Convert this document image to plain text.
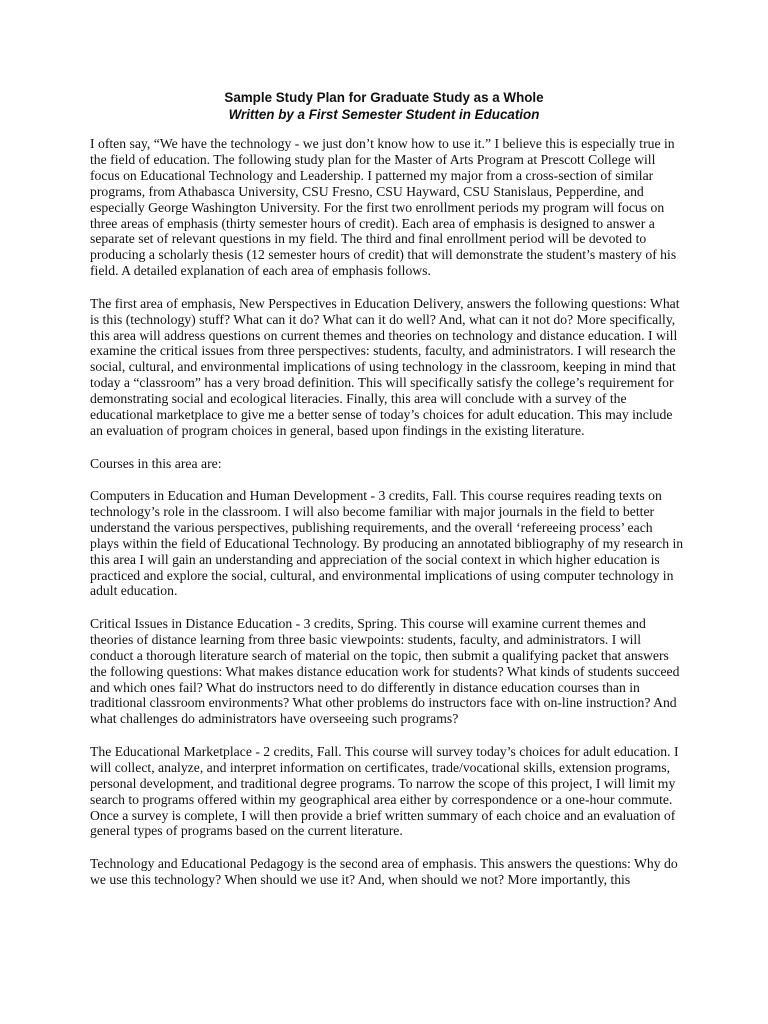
Sample Study Plan for Graduate Study as a Whole
Written by a First Semester Student in Education

I often say, “We have the technology - we just don’t know how to use it.” I believe this is especially true in the field of education. The following study plan for the Master of Arts Program at Prescott College will focus on Educational Technology and Leadership. I patterned my major from a cross-section of similar programs, from Athabasca University, CSU Fresno, CSU Hayward, CSU Stanislaus, Pepperdine, and especially George Washington University. For the first two enrollment periods my program will focus on three areas of emphasis (thirty semester hours of credit). Each area of emphasis is designed to answer a separate set of relevant questions in my field. The third and final enrollment period will be devoted to producing a scholarly thesis (12 semester hours of credit) that will demonstrate the student’s mastery of his field. A detailed explanation of each area of emphasis follows.

The first area of emphasis, New Perspectives in Education Delivery, answers the following questions: What is this (technology) stuff? What can it do? What can it do well? And, what can it not do? More specifically, this area will address questions on current themes and theories on technology and distance education. I will examine the critical issues from three perspectives: students, faculty, and administrators. I will research the social, cultural, and environmental implications of using technology in the classroom, keeping in mind that today a “classroom” has a very broad definition. This will specifically satisfy the college’s requirement for demonstrating social and ecological literacies. Finally, this area will conclude with a survey of the educational marketplace to give me a better sense of today’s choices for adult education. This may include an evaluation of program choices in general, based upon findings in the existing literature.

Courses in this area are:

Computers in Education and Human Development - 3 credits, Fall. This course requires reading texts on technology’s role in the classroom. I will also become familiar with major journals in the field to better understand the various perspectives, publishing requirements, and the overall ‘refereeing process’ each plays within the field of Educational Technology. By producing an annotated bibliography of my research in this area I will gain an understanding and appreciation of the social context in which higher education is practiced and explore the social, cultural, and environmental implications of using computer technology in adult education.

Critical Issues in Distance Education - 3 credits, Spring. This course will examine current themes and theories of distance learning from three basic viewpoints: students, faculty, and administrators. I will conduct a thorough literature search of material on the topic, then submit a qualifying packet that answers the following questions: What makes distance education work for students? What kinds of students succeed and which ones fail? What do instructors need to do differently in distance education courses than in traditional classroom environments? What other problems do instructors face with on-line instruction? And what challenges do administrators have overseeing such programs?

The Educational Marketplace - 2 credits, Fall. This course will survey today’s choices for adult education. I will collect, analyze, and interpret information on certificates, trade/vocational skills, extension programs, personal development, and traditional degree programs. To narrow the scope of this project, I will limit my search to programs offered within my geographical area either by correspondence or a one-hour commute. Once a survey is complete, I will then provide a brief written summary of each choice and an evaluation of general types of programs based on the current literature.

Technology and Educational Pedagogy is the second area of emphasis. This answers the questions: Why do we use this technology? When should we use it? And, when should we not? More importantly, this
